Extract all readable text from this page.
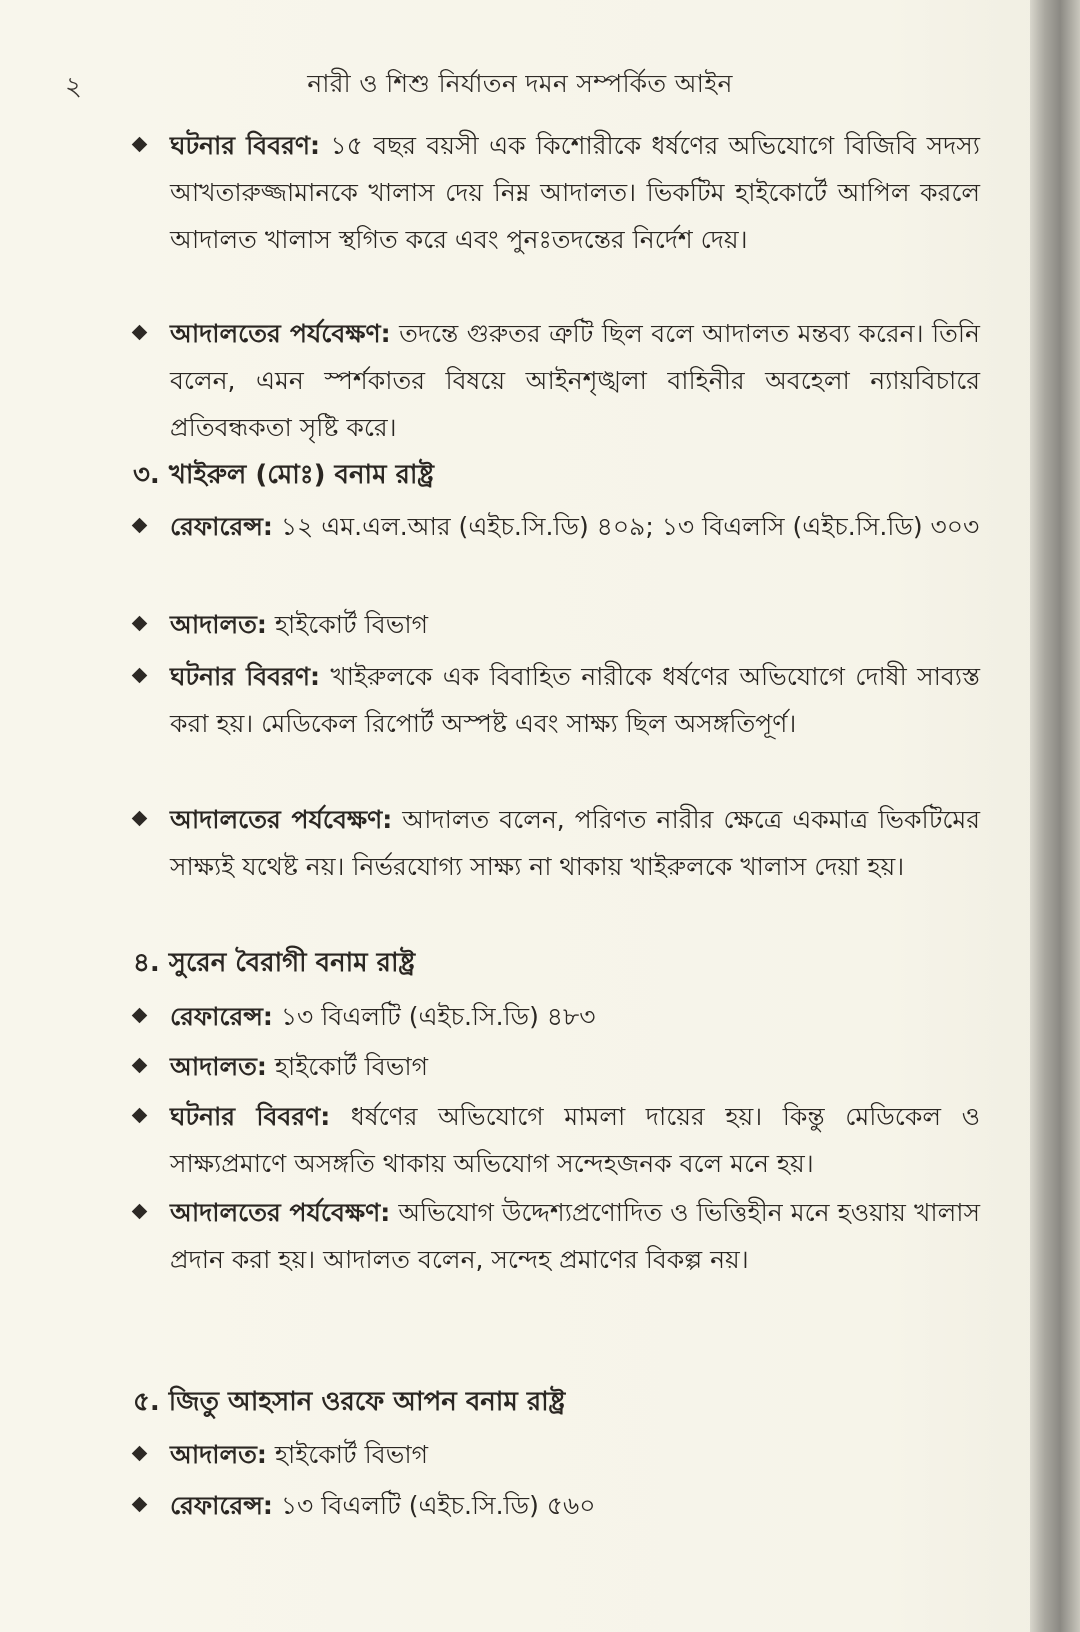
২	নারী ও শিশু নির্যাতন দমন সম্পর্কিত আইন
ঘটনার বিবরণ: ১৫ বছর বয়সী এক কিশোরীকে ধর্ষণের অভিযোগে বিজিবি সদস্য আখতারুজ্জামানকে খালাস দেয় নিম্ন আদালত। ভিকটিম হাইকোর্টে আপিল করলে আদালত খালাস স্থগিত করে এবং পুনঃতদন্তের নির্দেশ দেয়।
আদালতের পর্যবেক্ষণ: তদন্তে গুরুতর ত্রুটি ছিল বলে আদালত মন্তব্য করেন। তিনি বলেন, এমন স্পর্শকাতর বিষয়ে আইনশৃঙ্খলা বাহিনীর অবহেলা ন্যায়বিচারে প্রতিবন্ধকতা সৃষ্টি করে।
৩. খাইরুল (মোঃ) বনাম রাষ্ট্র
রেফারেন্স: ১২ এম.এল.আর (এইচ.সি.ডি) ৪০৯; ১৩ বিএলসি (এইচ.সি.ডি) ৩০৩
আদালত: হাইকোর্ট বিভাগ
ঘটনার বিবরণ: খাইরুলকে এক বিবাহিত নারীকে ধর্ষণের অভিযোগে দোষী সাব্যস্ত করা হয়। মেডিকেল রিপোর্ট অস্পষ্ট এবং সাক্ষ্য ছিল অসঙ্গতিপূর্ণ।
আদালতের পর্যবেক্ষণ: আদালত বলেন, পরিণত নারীর ক্ষেত্রে একমাত্র ভিকটিমের সাক্ষ্যই যথেষ্ট নয়। নির্ভরযোগ্য সাক্ষ্য না থাকায় খাইরুলকে খালাস দেয়া হয়।
৪. সুরেন বৈরাগী বনাম রাষ্ট্র
রেফারেন্স: ১৩ বিএলটি (এইচ.সি.ডি) ৪৮৩
আদালত: হাইকোর্ট বিভাগ
ঘটনার বিবরণ: ধর্ষণের অভিযোগে মামলা দায়ের হয়। কিন্তু মেডিকেল ও সাক্ষ্যপ্রমাণে অসঙ্গতি থাকায় অভিযোগ সন্দেহজনক বলে মনে হয়।
আদালতের পর্যবেক্ষণ: অভিযোগ উদ্দেশ্যপ্রণোদিত ও ভিত্তিহীন মনে হওয়ায় খালাস প্রদান করা হয়। আদালত বলেন, সন্দেহ প্রমাণের বিকল্প নয়।
৫. জিতু আহসান ওরফে আপন বনাম রাষ্ট্র
আদালত: হাইকোর্ট বিভাগ
রেফারেন্স: ১৩ বিএলটি (এইচ.সি.ডি) ৫৬০
